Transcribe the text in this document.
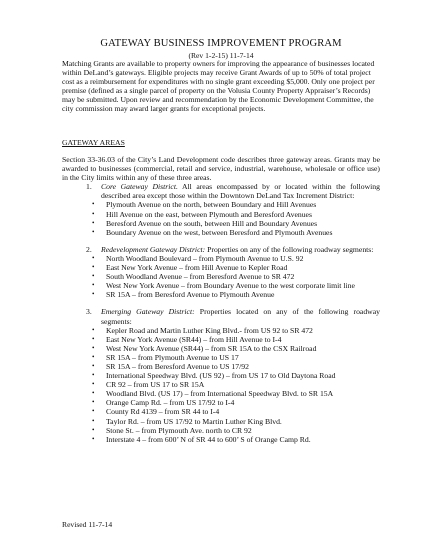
GATEWAY BUSINESS IMPROVEMENT PROGRAM
(Rev 1-2-15) 11-7-14

Matching Grants are available to property owners for improving the appearance of businesses located within DeLand’s gateways. Eligible projects may receive Grant Awards of up to 50% of total project cost as a reimbursement for expenditures with no single grant exceeding $5,000. Only one project per premise (defined as a single parcel of property on the Volusia County Property Appraiser’s Records) may be submitted. Upon review and recommendation by the Economic Development Committee, the city commission may award larger grants for exceptional projects.

GATEWAY AREAS

Section 33-36.03 of the City’s Land Development code describes three gateway areas. Grants may be awarded to businesses (commercial, retail and service, industrial, warehouse, wholesale or office use) in the City limits within any of these three areas.

1.	Core Gateway District. All areas encompassed by or located within the following described area except those within the Downtown DeLand Tax Increment District:
• Plymouth Avenue on the north, between Boundary and Hill Avenues
• Hill Avenue on the east, between Plymouth and Beresford Avenues
• Beresford Avenue on the south, between Hill and Boundary Avenues
• Boundary Avenue on the west, between Beresford and Plymouth Avenues
2.	Redevelopment Gateway District: Properties on any of the following roadway segments:
• North Woodland Boulevard – from Plymouth Avenue to U.S. 92
• East New York Avenue – from Hill Avenue to Kepler Road
• South Woodland Avenue – from Beresford Avenue to SR 472
• West New York Avenue – from Boundary Avenue to the west corporate limit line
• SR 15A – from Beresford Avenue to Plymouth Avenue
3.	Emerging Gateway District: Properties located on any of the following roadway segments:
• Kepler Road and Martin Luther King Blvd.- from US 92 to SR 472
• East New York Avenue (SR44) – from Hill Avenue to I-4
• West New York Avenue (SR44) – from SR 15A to the CSX Railroad
• SR 15A – from Plymouth Avenue to US 17
• SR 15A – from Beresford Avenue to US 17/92
• International Speedway Blvd. (US 92) – from US 17 to Old Daytona Road
• CR 92 – from US 17 to SR 15A
• Woodland Blvd. (US 17) – from International Speedway Blvd. to SR 15A
• Orange Camp Rd. – from US 17/92 to I-4
• County Rd 4139 – from SR 44 to I-4
• Taylor Rd. – from US 17/92 to Martin Luther King Blvd.
• Stone St. – from Plymouth Ave. north to CR 92
• Interstate 4 – from 600’ N of SR 44 to 600’ S of Orange Camp Rd.
Revised 11-7-14
